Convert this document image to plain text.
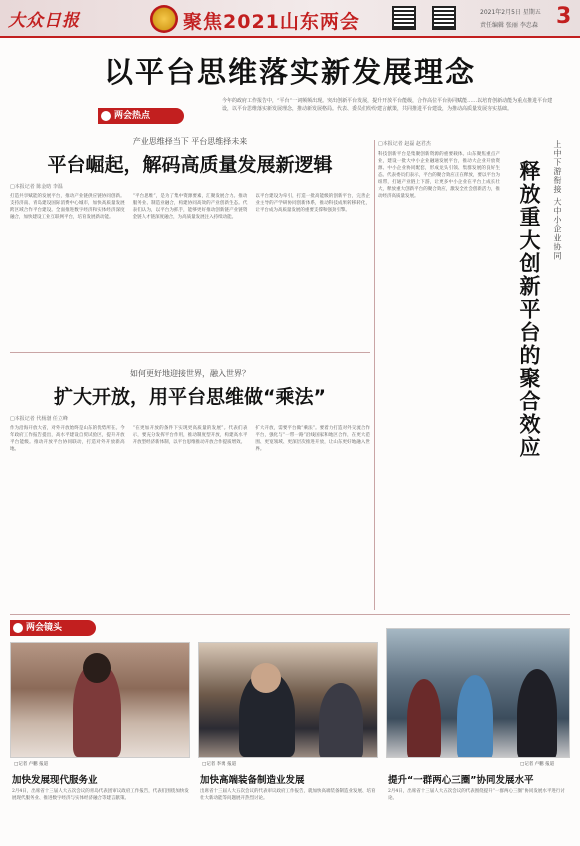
大众日报	聚焦2021山东两会	2021年2月5日 星期五
责任编辑 张丽 李忠森 3
以平台思维落实新发展理念
两会热点
今年的政府工作报告中，“平台”一词频频出现。突出创新平台发展，提升开放平台能级，合作高位平台协同赋能……以培育创新动能为重点推进平台建设，以平台思维落实新发展理念，推动新发展格局。代表、委员们纷纷建言献策，共同推进平台建设，为推动高质量发展夯实基础。
产业思维择当下 平台思维择未来
平台崛起，解码高质量发展新逻辑
□本报记者 陈金昉 李温
打造共享赋能的发展平台，推动产业链供应链协同创新。支持济南、青岛建设国际消费中心城市，加快高质量发展跨区域合作平台建设。全面推进数字经济和实体经济深度融合，加快建设工业互联网平台，培育发展新动能。
“平台思维”，是为了集中资源要素，汇聚发展合力。推动服务业、制造业融合，构建协同高效的产业创新生态。代表们认为，以平台为抓手，能够更好推动创新链产业链资金链人才链深度融合，为高质量发展注入持续动能。
以平台建设为牵引，打造一批高能级的创新平台，完善企业主导的产学研协同创新体系，推动科技成果转移转化，让平台成为高质量发展的重要支撑和强劲引擎。
如何更好地迎接世界，融入世界？
扩大开放，用平台思维做“乘法”
□本报记者 代杨渤 任立峰
作为沿海开放大省，对外开放始终是山东的优势所在。今年政府工作报告提出，高水平建设自贸试验区，提升开放平台能级。推动开放平台协同联动，打造对外开放新高地。
“在更加开放的条件下实现更高质量的发展”。代表们表示，要充分发挥平台作用，推动制度型开放，构建高水平开放型经济新体制，以平台思维推动开放合作提质增效。
扩大开放，需要平台做“乘法”。要着力打造对外交流合作平台，强化与“一带一路”沿线国家和地区合作，在更大范围、更宽领域、更深层次推进开放，让山东更好地融入世界。
□本报记者 赵磊 赵君杰
科技创新平台是集聚创新资源的重要载体。山东聚焦重点产业，建设一批大中小企业融通发展平台，推动大企业开放资源、中小企业协同配套，形成龙头引领、集群发展的良好生态。代表委员们表示，平台的聚合效应正在释放，要以平台为纽带，打通产业链上下游，让更多中小企业在平台上成长壮大，释放重大创新平台的聚合效应，激发全社会创新活力，推动经济高质量发展。	上中下游衔接 大中小企业协同
释放重大创新平台的聚合效应
两会镜头
□记者 卢鹏 报道	□记者 李勇 报道	□记者 卢鹏 报道
加快发展现代服务业
2月4日，出席省十三届人大五次会议的青岛代表团审议政府工作报告，代表们围绕加快发展现代服务业、推进数字经济与实体经济融合等建言献策。
加快高端装备制造业发展
出席省十三届人大五次会议的代表审议政府工作报告，就加快高端装备制造业发展、培育壮大新动能等问题展开热烈讨论。
提升“一群两心三圈”协同发展水平
2月4日，出席省十三届人大五次会议的代表围绕提升“一群两心三圈”协同发展水平进行讨论。
